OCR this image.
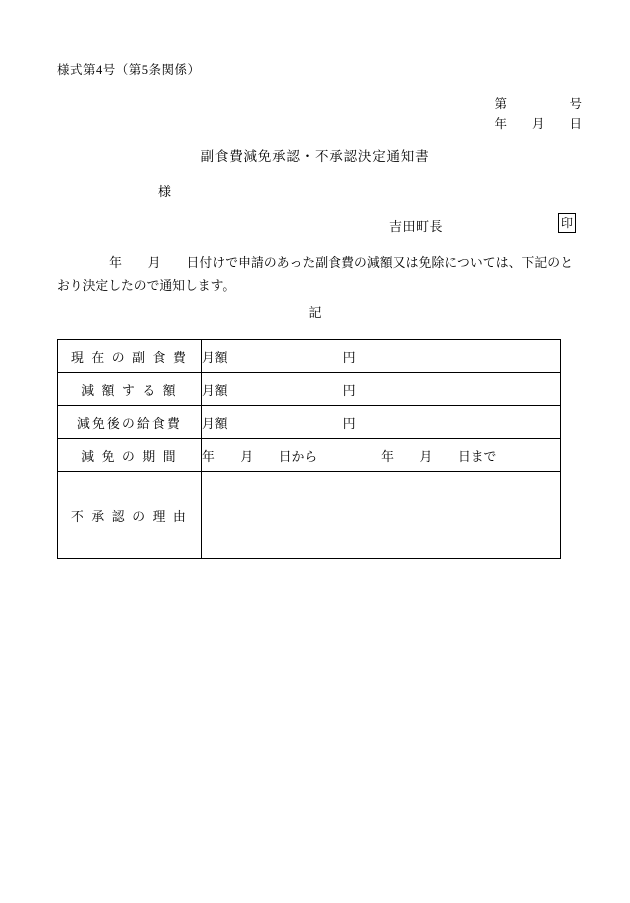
様式第4号（第5条関係）
第　　　　　号
年　　月　　日
副食費減免承認・不承認決定通知書
様
吉田町長	印
年　　月　　日付けで申請のあった副食費の減額又は免除については、下記のとおり決定したので通知します。
記
現 在 の 副 食 費	月額　　　　　　　　　円
減 額 す る 額	月額　　　　　　　　　円
減免後の給食費	月額　　　　　　　　　円
減 免 の 期 間	年　　月　　日から　　　　　年　　月　　日まで
不 承 認 の 理 由	
